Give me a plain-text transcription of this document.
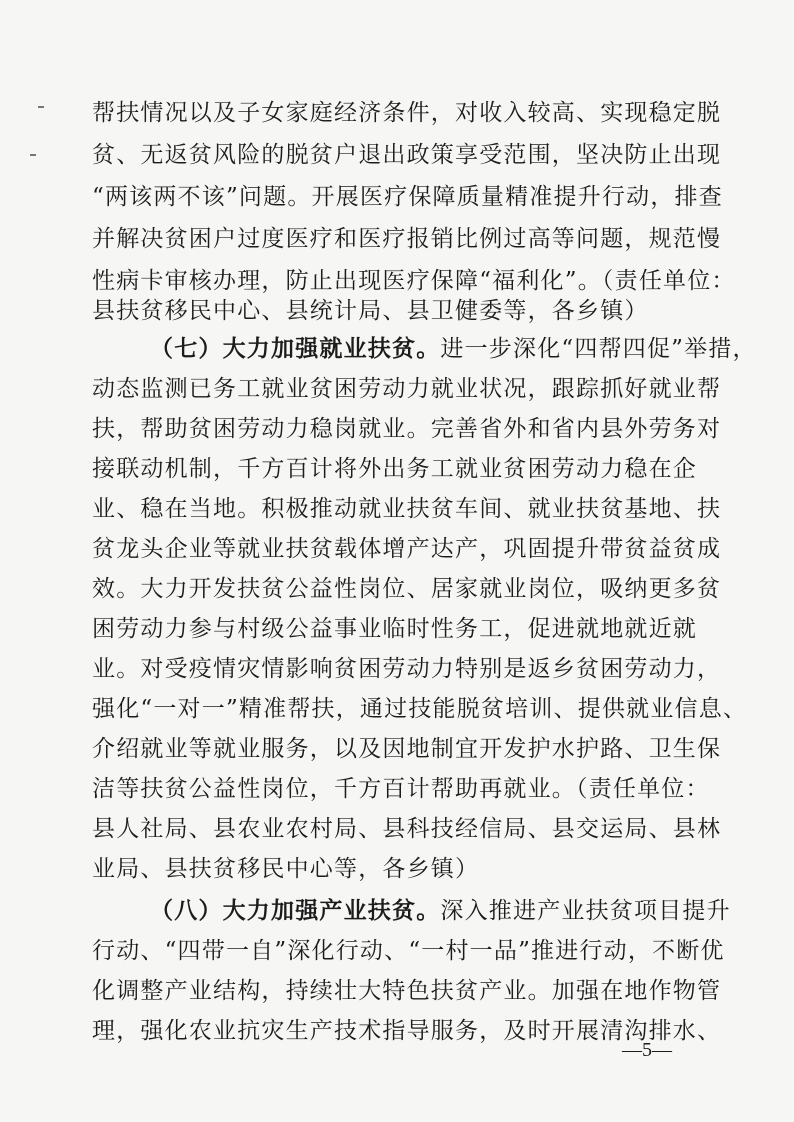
帮扶情况以及子女家庭经济条件，对收入较高、实现稳定脱
贫、无返贫风险的脱贫户退出政策享受范围，坚决防止出现
“两该两不该”问题。开展医疗保障质量精准提升行动，排查
并解决贫困户过度医疗和医疗报销比例过高等问题，规范慢
性病卡审核办理，防止出现医疗保障“福利化”。（责任单位：
县扶贫移民中心、县统计局、县卫健委等，各乡镇）
（七）大力加强就业扶贫。进一步深化“四帮四促”举措，
动态监测已务工就业贫困劳动力就业状况，跟踪抓好就业帮
扶，帮助贫困劳动力稳岗就业。完善省外和省内县外劳务对
接联动机制，千方百计将外出务工就业贫困劳动力稳在企
业、稳在当地。积极推动就业扶贫车间、就业扶贫基地、扶
贫龙头企业等就业扶贫载体增产达产，巩固提升带贫益贫成
效。大力开发扶贫公益性岗位、居家就业岗位，吸纳更多贫
困劳动力参与村级公益事业临时性务工，促进就地就近就
业。对受疫情灾情影响贫困劳动力特别是返乡贫困劳动力，
强化“一对一”精准帮扶，通过技能脱贫培训、提供就业信息、
介绍就业等就业服务，以及因地制宜开发护水护路、卫生保
洁等扶贫公益性岗位，千方百计帮助再就业。（责任单位：
县人社局、县农业农村局、县科技经信局、县交运局、县林
业局、县扶贫移民中心等，各乡镇）
（八）大力加强产业扶贫。深入推进产业扶贫项目提升
行动、“四带一自”深化行动、“一村一品”推进行动，不断优
化调整产业结构，持续壮大特色扶贫产业。加强在地作物管
理，强化农业抗灾生产技术指导服务，及时开展清沟排水、
—5—
